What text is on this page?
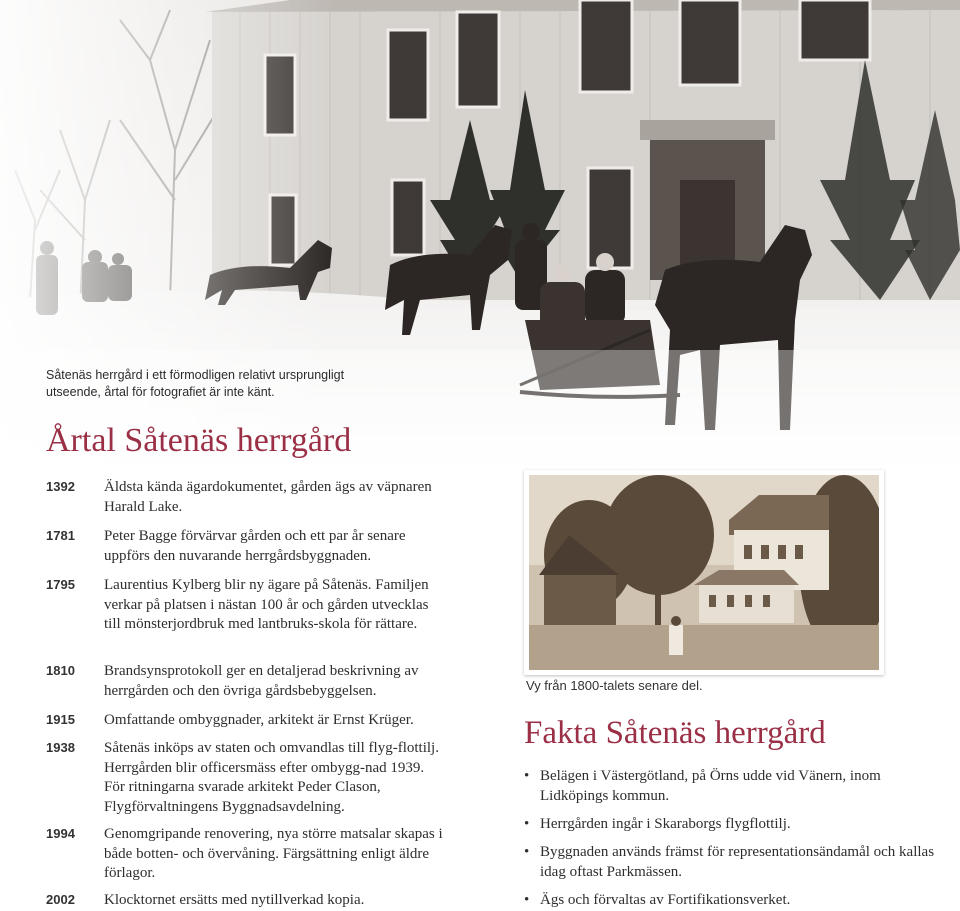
Såtenäs herrgård i ett förmodligen relativt ursprungligt utseende, årtal för fotografiet är inte känt.
Årtal Såtenäs herrgård
1392	Äldsta kända ägardokumentet, gården ägs av väpnaren Harald Lake.
1781	Peter Bagge förvärvar gården och ett par år senare uppförs den nuvarande herrgårdsbyggnaden.
1795	Laurentius Kylberg blir ny ägare på Såtenäs. Familjen verkar på platsen i nästan 100 år och gården utvecklas till mönsterjordbruk med lantbruks-skola för rättare.
1810	Brandsynsprotokoll ger en detaljerad beskrivning av herrgården och den övriga gårdsbebyggelsen.
1915	Omfattande ombyggnader, arkitekt är Ernst Krüger.
1938	Såtenäs inköps av staten och omvandlas till flyg-flottilj. Herrgården blir officersmäss efter ombygg-nad 1939. För ritningarna svarade arkitekt Peder Clason, Flygförvaltningens Byggnadsavdelning.
1994	Genomgripande renovering, nya större matsalar skapas i både botten- och övervåning. Färgsättning enligt äldre förlagor.
2002	Klocktornet ersätts med nytillverkad kopia.
Vy från 1800-talets senare del.
Fakta Såtenäs herrgård
• Belägen i Västergötland, på Örns udde vid Vänern, inom Lidköpings kommun.
• Herrgården ingår i Skaraborgs flygflottilj.
• Byggnaden används främst för representationsändamål och kallas idag oftast Parkmässen.
• Ägs och förvaltas av Fortifikationsverket.
